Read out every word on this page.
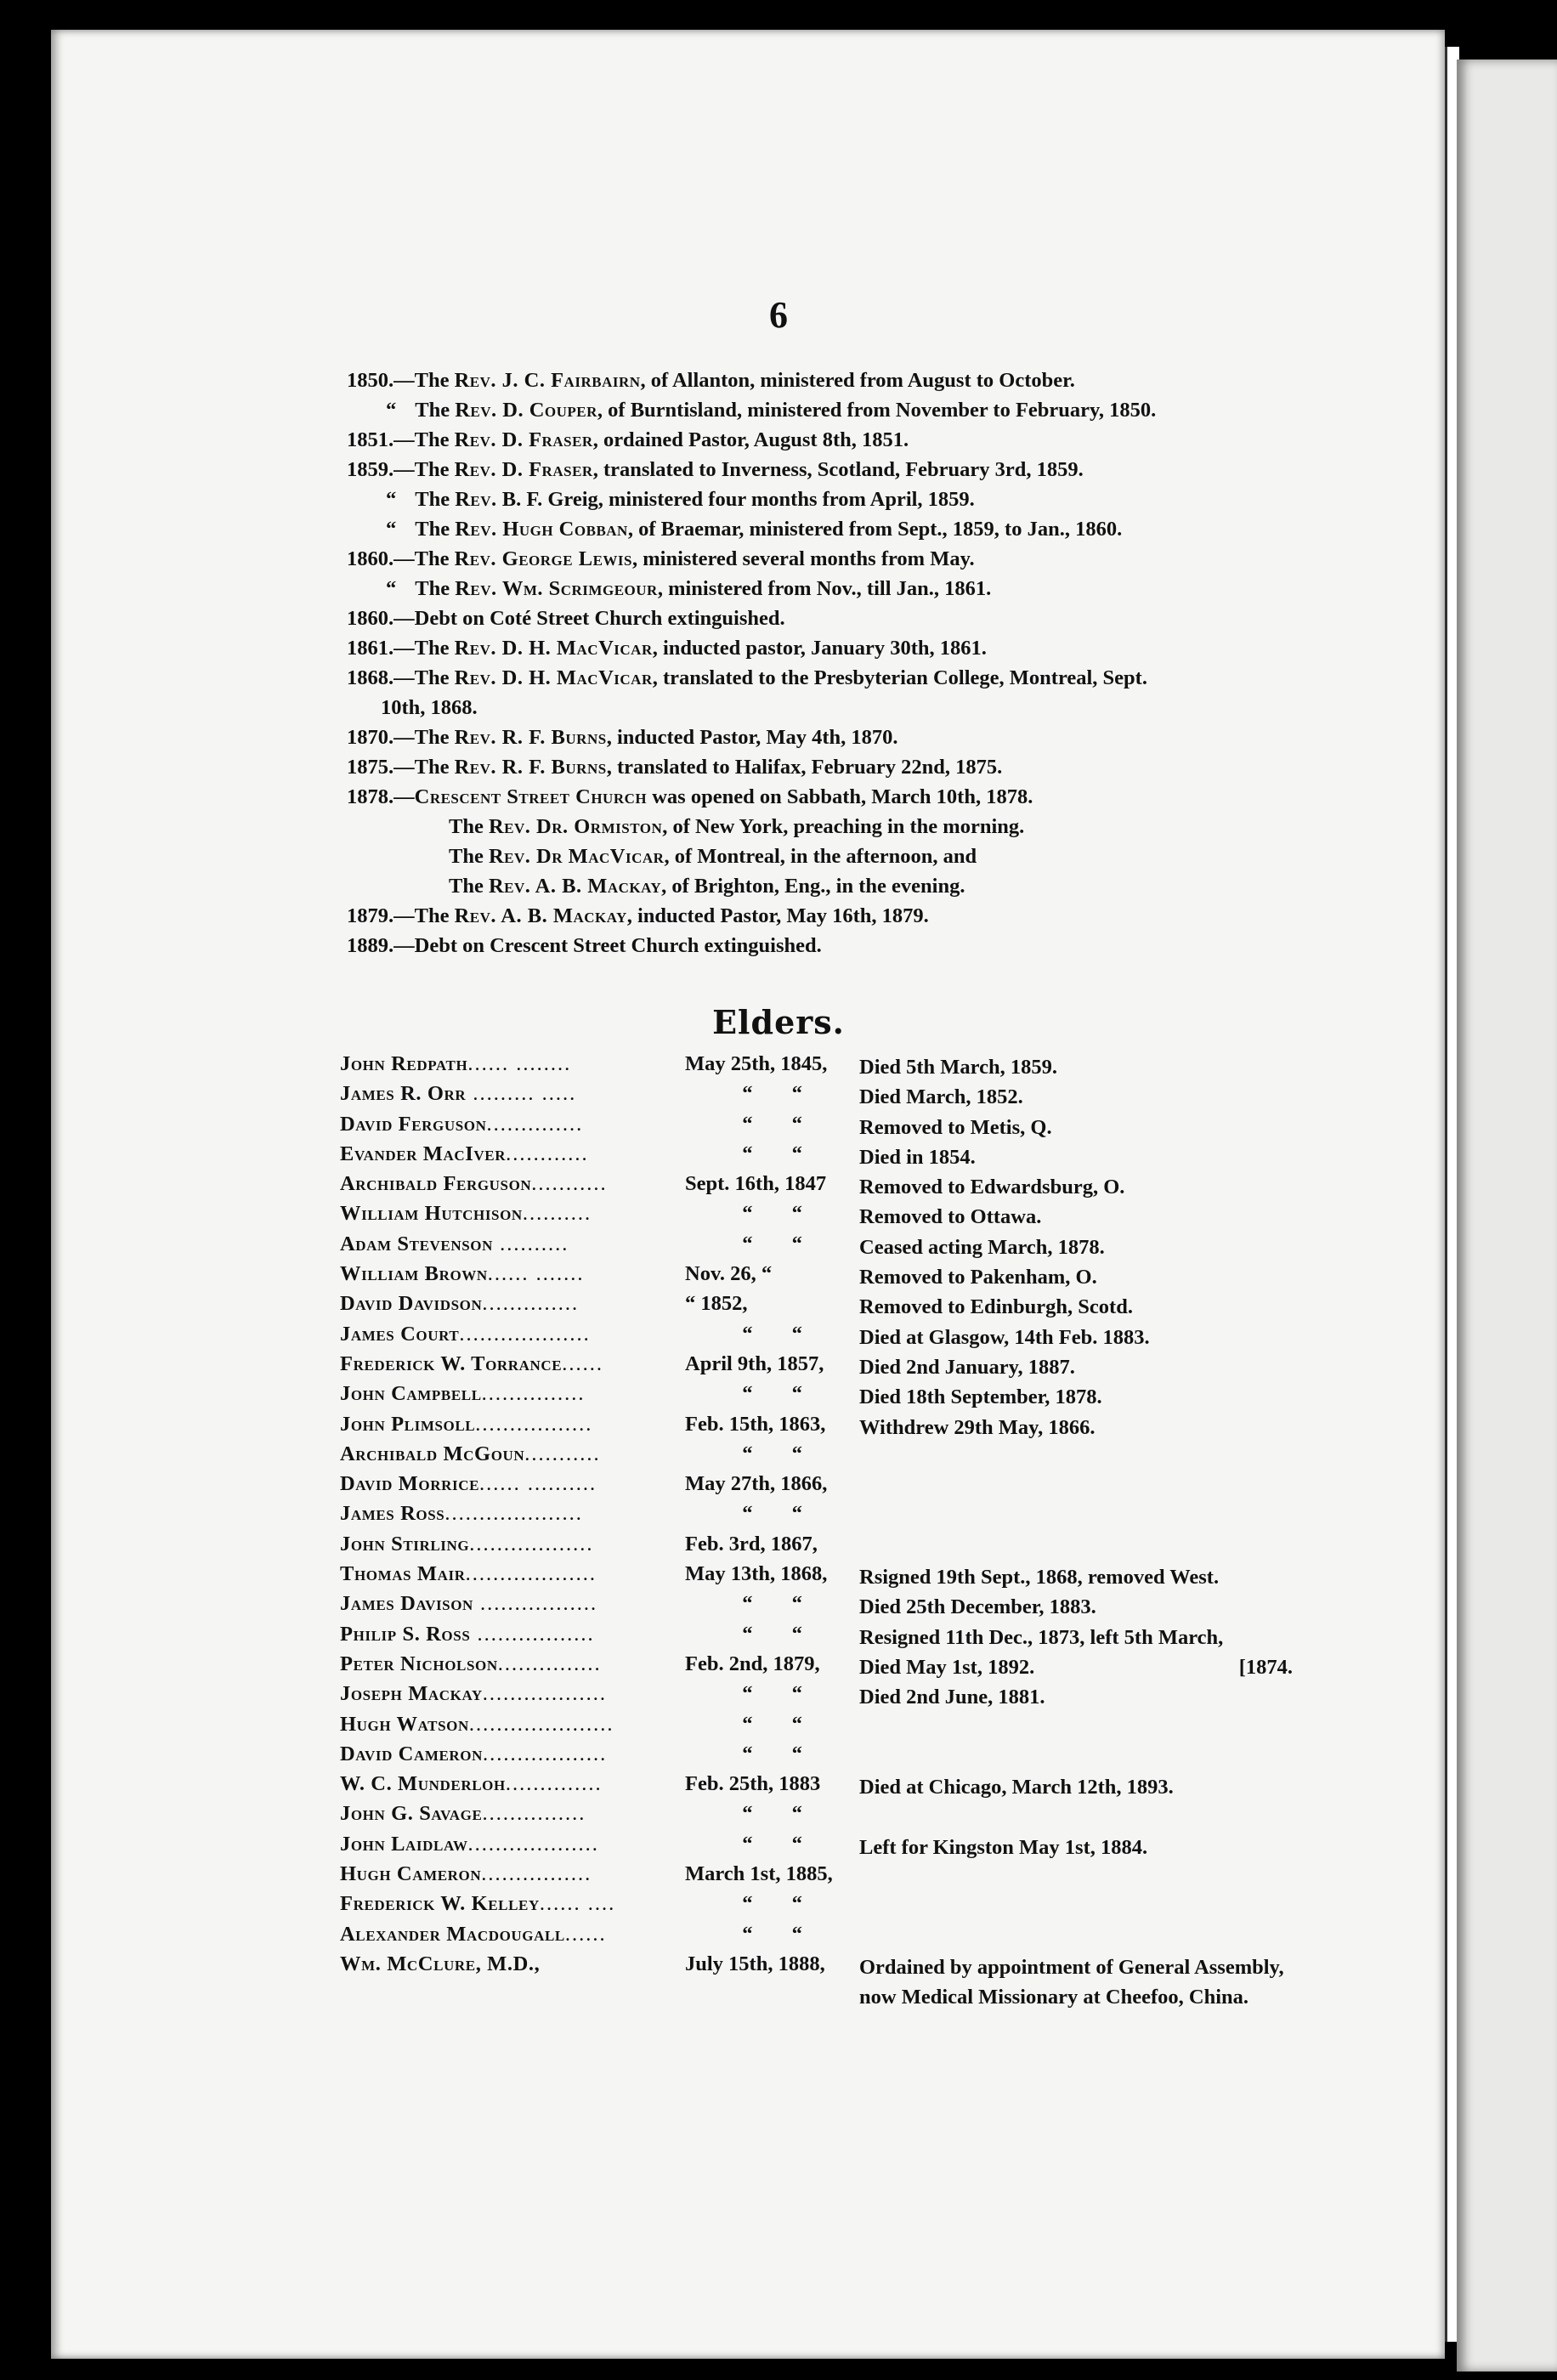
6
1850.—The Rev. J. C. Fairbairn, of Allanton, ministered from August to October.
“ The Rev. D. Couper, of Burntisland, ministered from November to February, 1850.
1851.—The Rev. D. Fraser, ordained Pastor, August 8th, 1851.
1859.—The Rev. D. Fraser, translated to Inverness, Scotland, February 3rd, 1859.
“ The Rev. B. F. Greig, ministered four months from April, 1859.
“ The Rev. Hugh Cobban, of Braemar, ministered from Sept., 1859, to Jan., 1860.
1860.—The Rev. George Lewis, ministered several months from May.
“ The Rev. Wm. Scrimgeour, ministered from Nov., till Jan., 1861.
1860.—Debt on Coté Street Church extinguished.
1861.—The Rev. D. H. MacVicar, inducted pastor, January 30th, 1861.
1868.—The Rev. D. H. MacVicar, translated to the Presbyterian College, Montreal, Sept.
10th, 1868.
1870.—The Rev. R. F. Burns, inducted Pastor, May 4th, 1870.
1875.—The Rev. R. F. Burns, translated to Halifax, February 22nd, 1875.
1878.—Crescent Street Church was opened on Sabbath, March 10th, 1878.
The Rev. Dr. Ormiston, of New York, preaching in the morning.
The Rev. Dr MacVicar, of Montreal, in the afternoon, and
The Rev. A. B. Mackay, of Brighton, Eng., in the evening.
1879.—The Rev. A. B. Mackay, inducted Pastor, May 16th, 1879.
1889.—Debt on Crescent Street Church extinguished.
Elders.
John Redpath...... ........	May 25th, 1845,	Died 5th March, 1859.
James R. Orr ......... .....	“ “	Died March, 1852.
David Ferguson..............	“ “	Removed to Metis, Q.
Evander MacIver............	“ “	Died in 1854.
Archibald Ferguson...........	Sept. 16th, 1847	Removed to Edwardsburg, O.
William Hutchison..........	“ “	Removed to Ottawa.
Adam Stevenson ..........	“ “	Ceased acting March, 1878.
William Brown...... .......	Nov. 26, “	Removed to Pakenham, O.
David Davidson..............	“ 1852,	Removed to Edinburgh, Scotd.
James Court...................	“ “	Died at Glasgow, 14th Feb. 1883.
Frederick W. Torrance......	April 9th, 1857,	Died 2nd January, 1887.
John Campbell...............	“ “	Died 18th September, 1878.
John Plimsoll.................	Feb. 15th, 1863,	Withdrew 29th May, 1866.
Archibald McGoun...........	“ “
David Morrice...... ..........	May 27th, 1866,
James Ross....................	“ “
John Stirling..................	Feb. 3rd, 1867,
Thomas Mair...................	May 13th, 1868,	Rsigned 19th Sept., 1868, removed West.
James Davison .................	“ “	Died 25th December, 1883.
Philip S. Ross .................	“ “	Resigned 11th Dec., 1873, left 5th March,
Peter Nicholson...............	Feb. 2nd, 1879,	Died May 1st, 1892.	[1874.
Joseph Mackay..................	“ “	Died 2nd June, 1881.
Hugh Watson.....................	“ “
David Cameron..................	“ “
W. C. Munderloh..............	Feb. 25th, 1883	Died at Chicago, March 12th, 1893.
John G. Savage...............	“ “
John Laidlaw...................	“ “	Left for Kingston May 1st, 1884.
Hugh Cameron................	March 1st, 1885,
Frederick W. Kelley...... ....	“ “
Alexander Macdougall......	“ “
Wm. McClure, M.D.,	July 15th, 1888,	Ordained by appointment of General Assembly, now Medical Missionary at Cheefoo, China.
